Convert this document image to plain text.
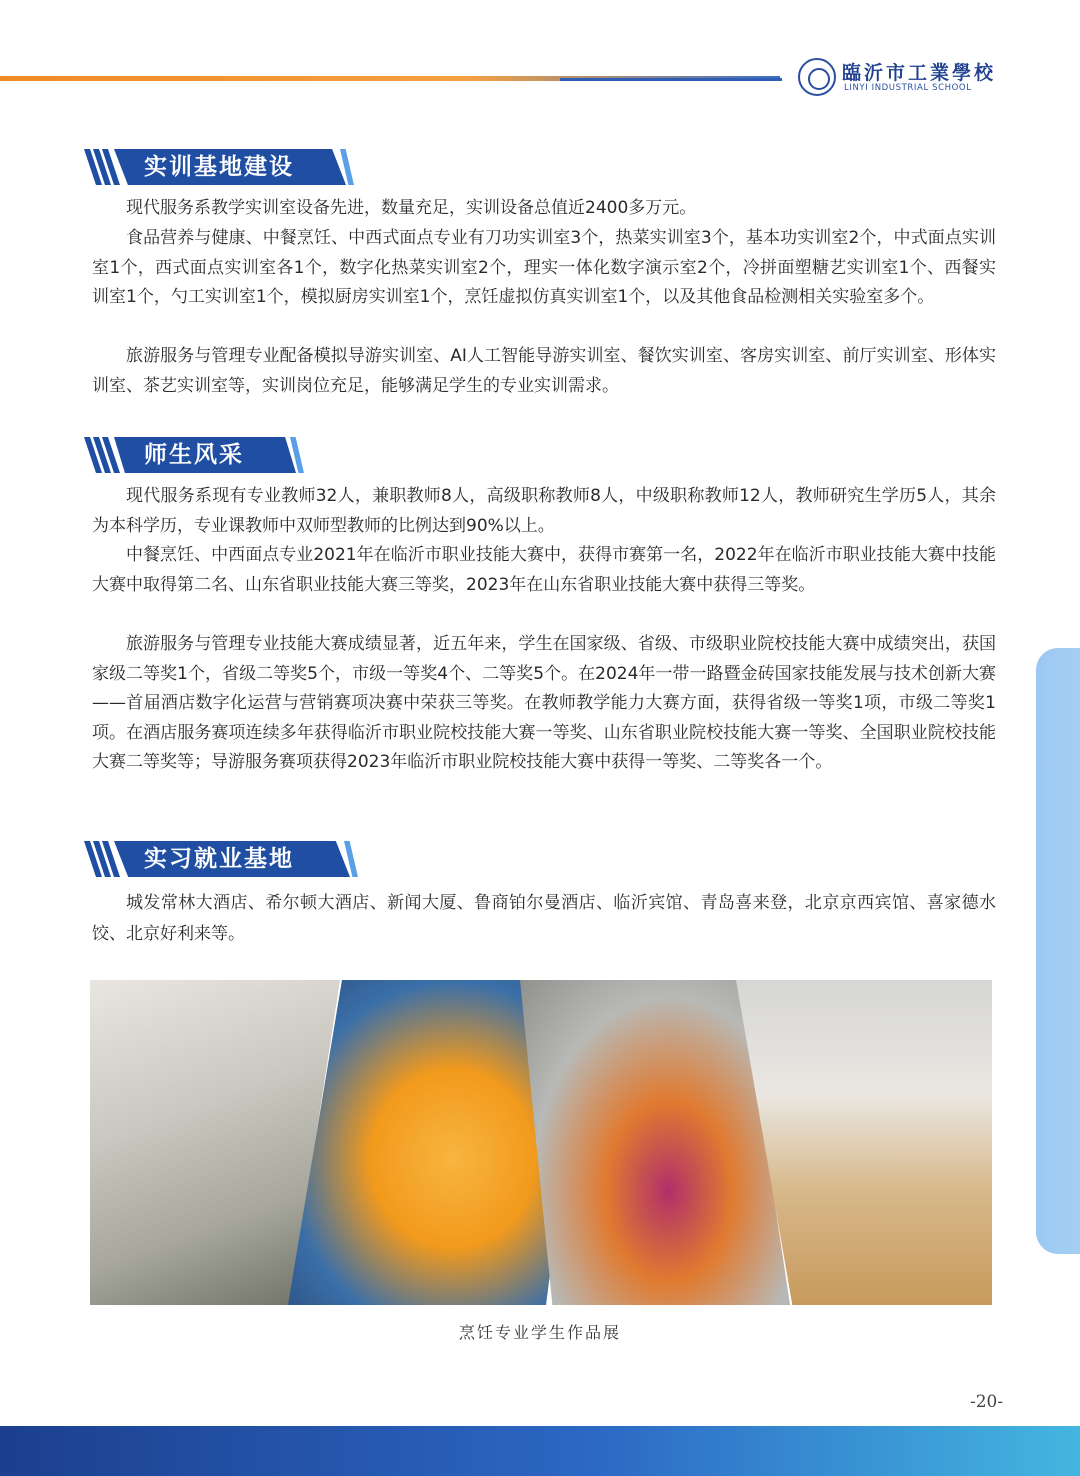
臨沂市工業學校
LINYI INDUSTRIAL SCHOOL
实训基地建设

现代服务系教学实训室设备先进，数量充足，实训设备总值近2400多万元。

食品营养与健康、中餐烹饪、中西式面点专业有刀功实训室3个，热菜实训室3个，基本功实训室2个，中式面点实训室1个，西式面点实训室各1个，数字化热菜实训室2个，理实一体化数字演示室2个，冷拼面塑糖艺实训室1个、西餐实训室1个，勺工实训室1个，模拟厨房实训室1个，烹饪虚拟仿真实训室1个，以及其他食品检测相关实验室多个。

旅游服务与管理专业配备模拟导游实训室、AI人工智能导游实训室、餐饮实训室、客房实训室、前厅实训室、形体实训室、茶艺实训室等，实训岗位充足，能够满足学生的专业实训需求。

师生风采

现代服务系现有专业教师32人，兼职教师8人，高级职称教师8人，中级职称教师12人，教师研究生学历5人，其余为本科学历，专业课教师中双师型教师的比例达到90%以上。

中餐烹饪、中西面点专业2021年在临沂市职业技能大赛中，获得市赛第一名，2022年在临沂市职业技能大赛中技能大赛中取得第二名、山东省职业技能大赛三等奖，2023年在山东省职业技能大赛中获得三等奖。

旅游服务与管理专业技能大赛成绩显著，近五年来，学生在国家级、省级、市级职业院校技能大赛中成绩突出，获国家级二等奖1个，省级二等奖5个，市级一等奖4个、二等奖5个。在2024年一带一路暨金砖国家技能发展与技术创新大赛——首届酒店数字化运营与营销赛项决赛中荣获三等奖。在教师教学能力大赛方面，获得省级一等奖1项，市级二等奖1项。在酒店服务赛项连续多年获得临沂市职业院校技能大赛一等奖、山东省职业院校技能大赛一等奖、全国职业院校技能大赛二等奖等；导游服务赛项获得2023年临沂市职业院校技能大赛中获得一等奖、二等奖各一个。

实习就业基地

城发常林大酒店、希尔顿大酒店、新闻大厦、鲁商铂尔曼酒店、临沂宾馆、青岛喜来登，北京京西宾馆、喜家德水饺、北京好利来等。

烹饪专业学生作品展
-20-
